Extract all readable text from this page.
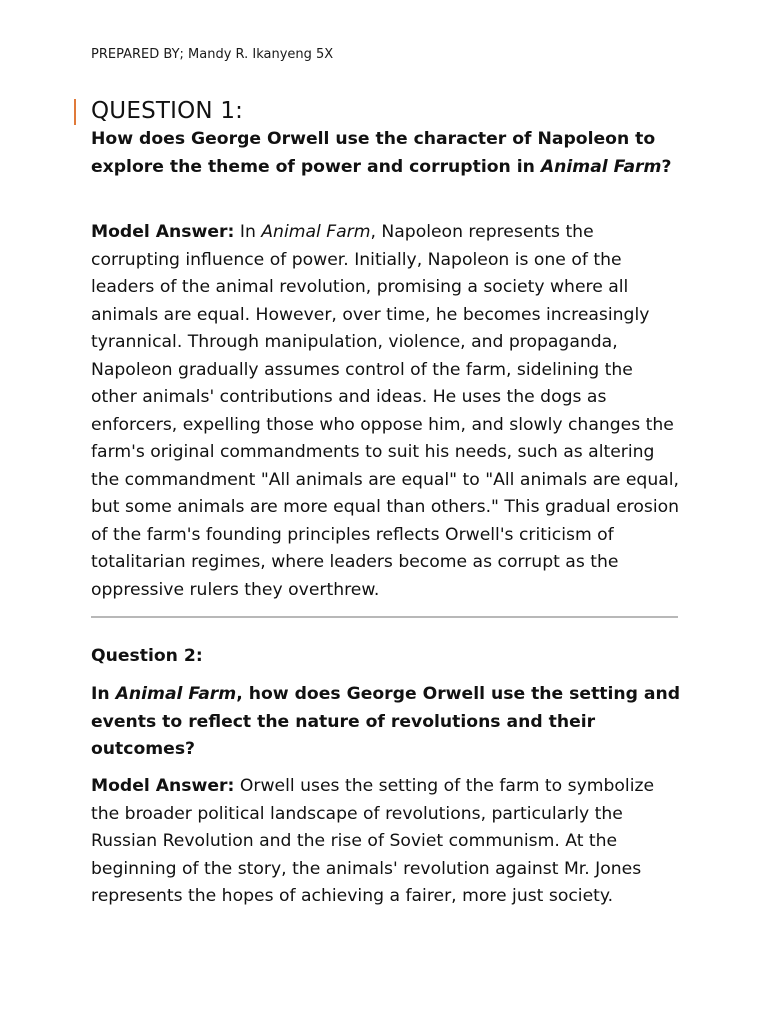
PREPARED BY; Mandy R. Ikanyeng 5X
QUESTION 1:

How does George Orwell use the character of Napoleon to explore the theme of power and corruption in Animal Farm?

Model Answer: In Animal Farm, Napoleon represents the corrupting influence of power. Initially, Napoleon is one of the leaders of the animal revolution, promising a society where all animals are equal. However, over time, he becomes increasingly tyrannical. Through manipulation, violence, and propaganda, Napoleon gradually assumes control of the farm, sidelining the other animals' contributions and ideas. He uses the dogs as enforcers, expelling those who oppose him, and slowly changes the farm's original commandments to suit his needs, such as altering the commandment "All animals are equal" to "All animals are equal, but some animals are more equal than others." This gradual erosion of the farm's founding principles reflects Orwell's criticism of totalitarian regimes, where leaders become as corrupt as the oppressive rulers they overthrew.

Question 2:

In Animal Farm, how does George Orwell use the setting and events to reflect the nature of revolutions and their outcomes?

Model Answer: Orwell uses the setting of the farm to symbolize the broader political landscape of revolutions, particularly the Russian Revolution and the rise of Soviet communism. At the beginning of the story, the animals' revolution against Mr. Jones represents the hopes of achieving a fairer, more just society.
